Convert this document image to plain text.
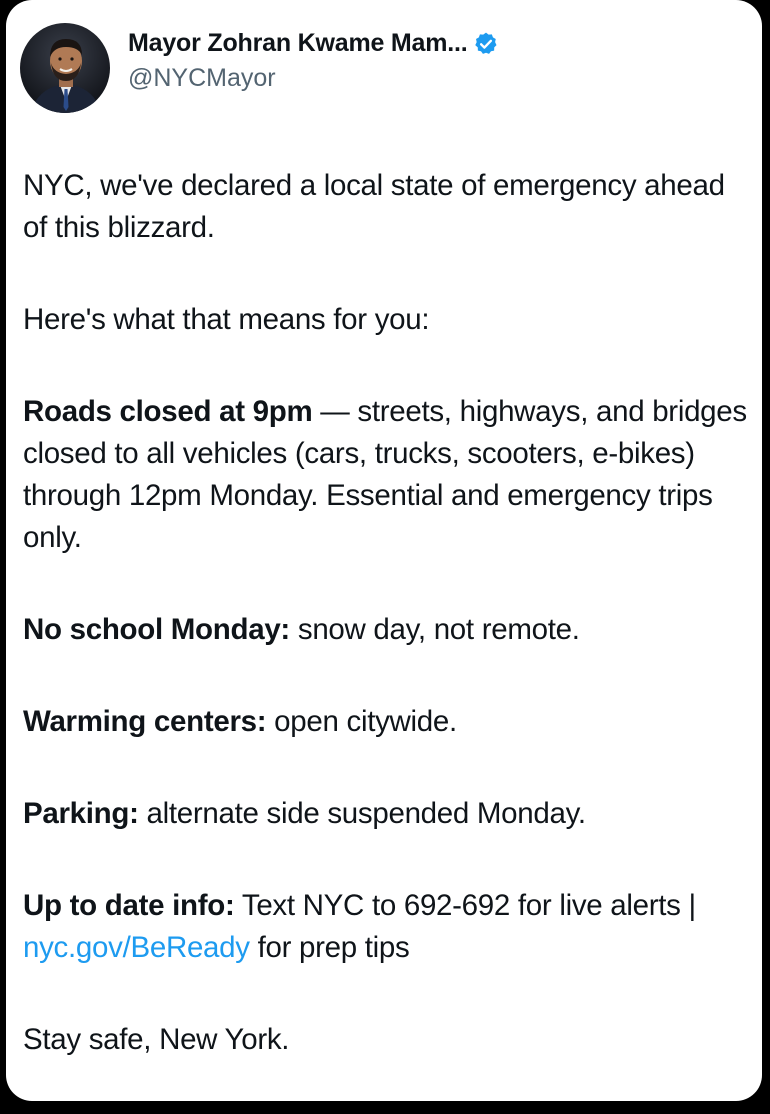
Mayor Zohran Kwame Mam...
@NYCMayor

NYC, we've declared a local state of emergency ahead of this blizzard.

Here's what that means for you:

Roads closed at 9pm — streets, highways, and bridges closed to all vehicles (cars, trucks, scooters, e-bikes) through 12pm Monday. Essential and emergency trips only.

No school Monday: snow day, not remote.

Warming centers: open citywide.

Parking: alternate side suspended Monday.

Up to date info: Text NYC to 692-692 for live alerts | nyc.gov/BeReady for prep tips

Stay safe, New York.
